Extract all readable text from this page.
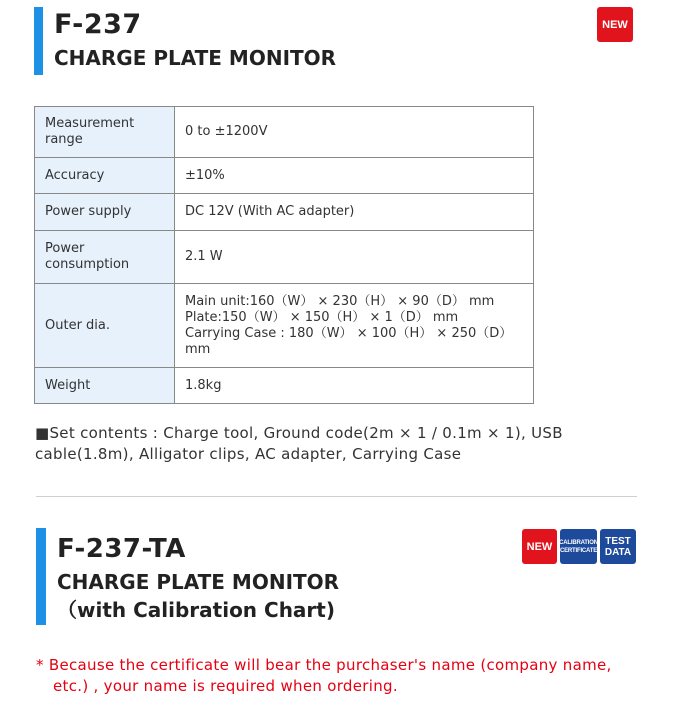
F-237
CHARGE PLATE MONITOR
NEW
Measurement range	0 to ±1200V
Accuracy	±10%
Power supply	DC 12V (With AC adapter)
Power consumption	2.1 W
Outer dia.	Main unit:160（W） × 230（H） × 90（D） mm
Plate:150（W） × 150（H） × 1（D） mm
Carrying Case : 180（W） × 100（H） × 250（D） mm

Weight	1.8kg
■Set contents : Charge tool, Ground code(2m × 1 / 0.1m × 1), USB cable(1.8m), Alligator clips, AC adapter, Carrying Case
F-237-TA
CHARGE PLATE MONITOR
（with Calibration Chart)
NEW	CALIBRATION CERTIFICATE
TEST DATA
* Because the certificate will bear the purchaser's name (company name, etc.) , your name is required when ordering.
